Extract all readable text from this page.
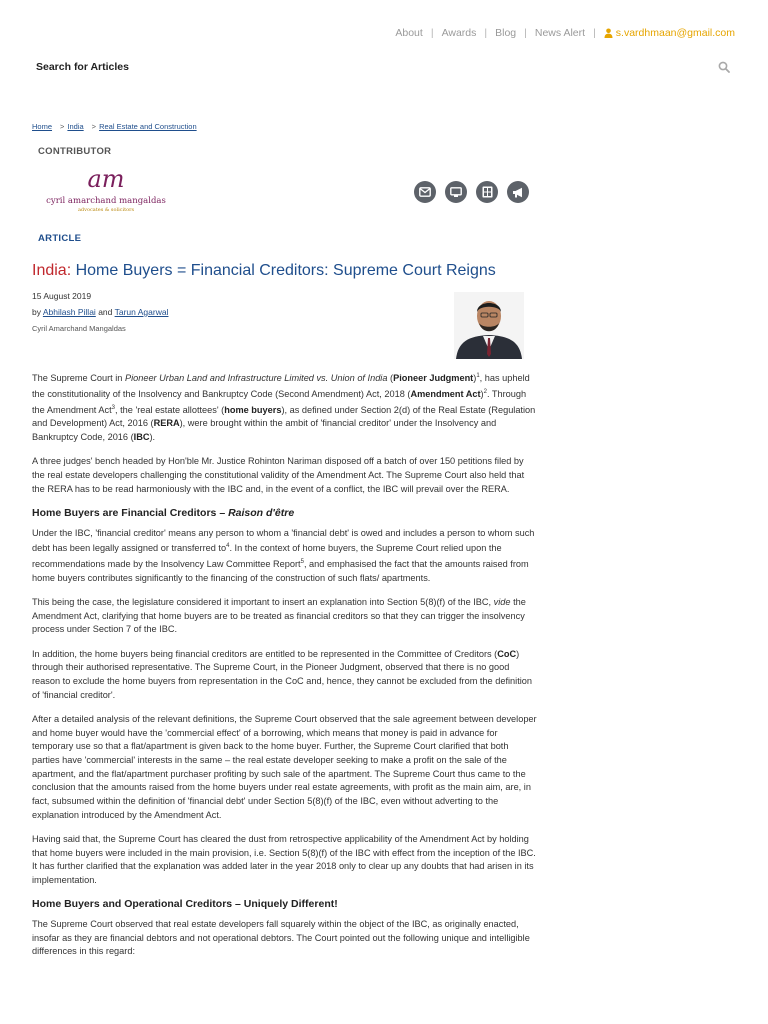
About | Awards | Blog | News Alert | s.vardhmaan@gmail.com
Search for Articles
Home > India > Real Estate and Construction
CONTRIBUTOR
am
cyril amarchand mangaldas
advocates & solicitors
ARTICLE
India: Home Buyers = Financial Creditors: Supreme Court Reigns
15 August 2019
by Abhilash Pillai and Tarun Agarwal
Cyril Amarchand Mangaldas

The Supreme Court in Pioneer Urban Land and Infrastructure Limited vs. Union of India (Pioneer Judgment)$^1$, has upheld the constitutionality of the Insolvency and Bankruptcy Code (Second Amendment) Act, 2018 (Amendment Act)$^2$. Through the Amendment Act$^3$, the 'real estate allottees' (home buyers), as defined under Section 2(d) of the Real Estate (Regulation and Development) Act, 2016 (RERA), were brought within the ambit of 'financial creditor' under the Insolvency and Bankruptcy Code, 2016 (IBC).

A three judges' bench headed by Hon'ble Mr. Justice Rohinton Nariman disposed off a batch of over 150 petitions filed by the real estate developers challenging the constitutional validity of the Amendment Act. The Supreme Court also held that the RERA has to be read harmoniously with the IBC and, in the event of a conflict, the IBC will prevail over the RERA.

Home Buyers are Financial Creditors – Raison d'être

Under the IBC, 'financial creditor' means any person to whom a 'financial debt' is owed and includes a person to whom such debt has been legally assigned or transferred $to^4$. In the context of home buyers, the Supreme Court relied upon the recommendations made by the Insolvency Law Committee Report$^5$, and emphasised the fact that the amounts raised from home buyers contributes significantly to the financing of the construction of such flats/ apartments.

This being the case, the legislature considered it important to insert an explanation into Section 5(8)(f) of the IBC, vide the Amendment Act, clarifying that home buyers are to be treated as financial creditors so that they can trigger the insolvency process under Section 7 of the IBC.

In addition, the home buyers being financial creditors are entitled to be represented in the Committee of Creditors (CoC) through their authorised representative. The Supreme Court, in the Pioneer Judgment, observed that there is no good reason to exclude the home buyers from representation in the CoC and, hence, they cannot be excluded from the definition of 'financial creditor'.

After a detailed analysis of the relevant definitions, the Supreme Court observed that the sale agreement between developer and home buyer would have the 'commercial effect' of a borrowing, which means that money is paid in advance for temporary use so that a flat/apartment is given back to the home buyer. Further, the Supreme Court clarified that both parties have 'commercial' interests in the same – the real estate developer seeking to make a profit on the sale of the apartment, and the flat/apartment purchaser profiting by such sale of the apartment. The Supreme Court thus came to the conclusion that the amounts raised from the home buyers under real estate agreements, with profit as the main aim, are, in fact, subsumed within the definition of 'financial debt' under Section 5(8)(f) of the IBC, even without adverting to the explanation introduced by the Amendment Act.

Having said that, the Supreme Court has cleared the dust from retrospective applicability of the Amendment Act by holding that home buyers were included in the main provision, i.e. Section 5(8)(f) of the IBC with effect from the inception of the IBC. It has further clarified that the explanation was added later in the year 2018 only to clear up any doubts that had arisen in its implementation.

Home Buyers and Operational Creditors – Uniquely Different!

The Supreme Court observed that real estate developers fall squarely within the object of the IBC, as originally enacted, insofar as they are financial debtors and not operational debtors. The Court pointed out the following unique and intelligible differences in this regard:
